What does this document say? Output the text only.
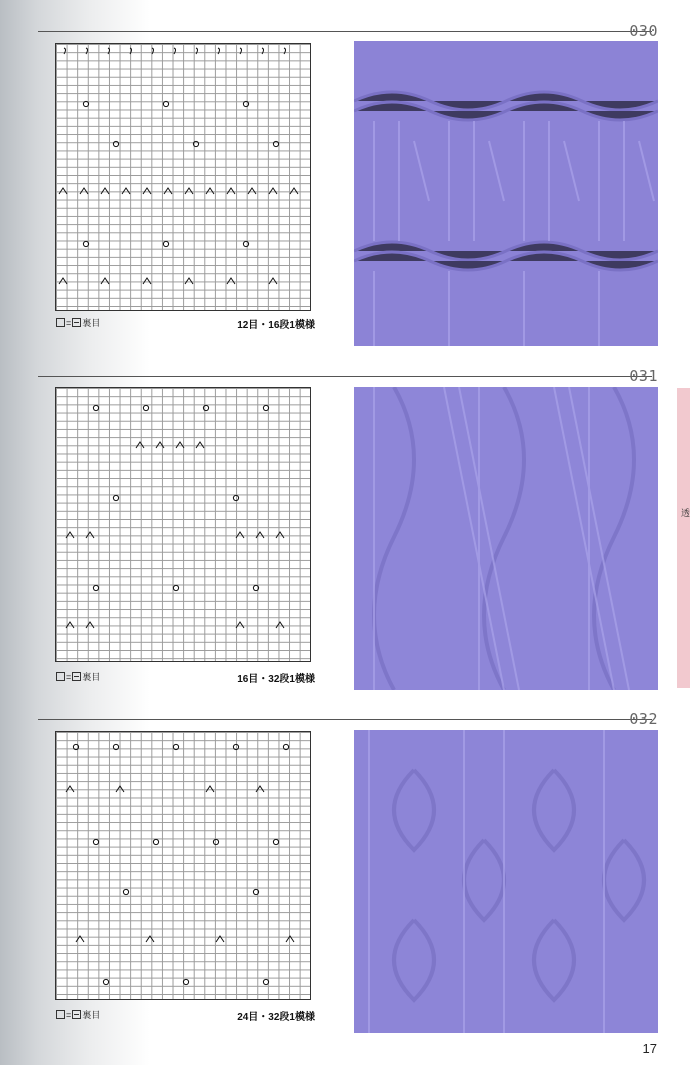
030
= 裏目	12目・16段1模様
031
= 裏目	16目・32段1模様
032
= 裏目	24目・32段1模様
透
17
